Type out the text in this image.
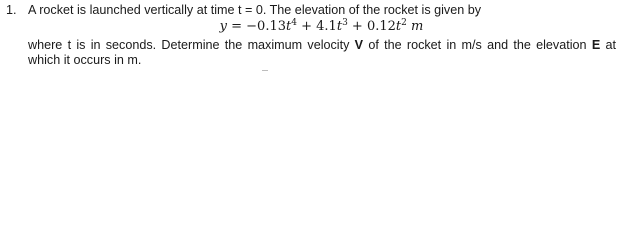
1. A rocket is launched vertically at time t = 0. The elevation of the rocket is given by
$y = -0.13t^4 + 4.1t^3 + 0.12t^2$ m
where t is in seconds. Determine the maximum velocity V of the rocket in m/s and the elevation E at which it occurs in m.
